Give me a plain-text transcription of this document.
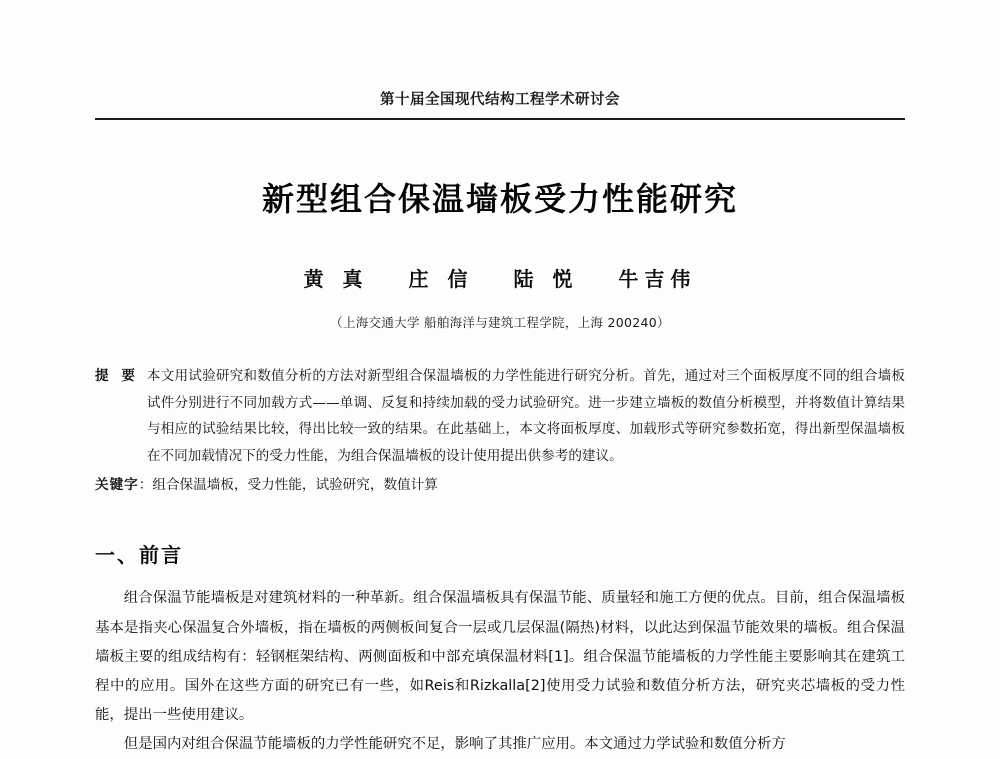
第十届全国现代结构工程学术研讨会
新型组合保温墙板受力性能研究
黄 真 庄 信 陆 悦 牛吉伟
（上海交通大学 船舶海洋与建筑工程学院，上海 200240）
提 要 本文用试验研究和数值分析的方法对新型组合保温墙板的力学性能进行研究分析。首先，通过对三个面板厚度不同的组合墙板试件分别进行不同加载方式——单调、反复和持续加载的受力试验研究。进一步建立墙板的数值分析模型，并将数值计算结果与相应的试验结果比较，得出比较一致的结果。在此基础上，本文将面板厚度、加载形式等研究参数拓宽，得出新型保温墙板在不同加载情况下的受力性能，为组合保温墙板的设计使用提出供参考的建议。
关键字：组合保温墙板，受力性能，试验研究，数值计算
一、前言

组合保温节能墙板是对建筑材料的一种革新。组合保温墙板具有保温节能、质量轻和施工方便的优点。目前，组合保温墙板基本是指夹心保温复合外墙板，指在墙板的两侧板间复合一层或几层保温(隔热)材料，以此达到保温节能效果的墙板。组合保温墙板主要的组成结构有：轻钢框架结构、两侧面板和中部充填保温材料[1]。组合保温节能墙板的力学性能主要影响其在建筑工程中的应用。国外在这些方面的研究已有一些，如Reis和Rizkalla[2]使用受力试验和数值分析方法，研究夹芯墙板的受力性能，提出一些使用建议。

但是国内对组合保温节能墙板的力学性能研究不足，影响了其推广应用。本文通过力学试验和数值分析方
